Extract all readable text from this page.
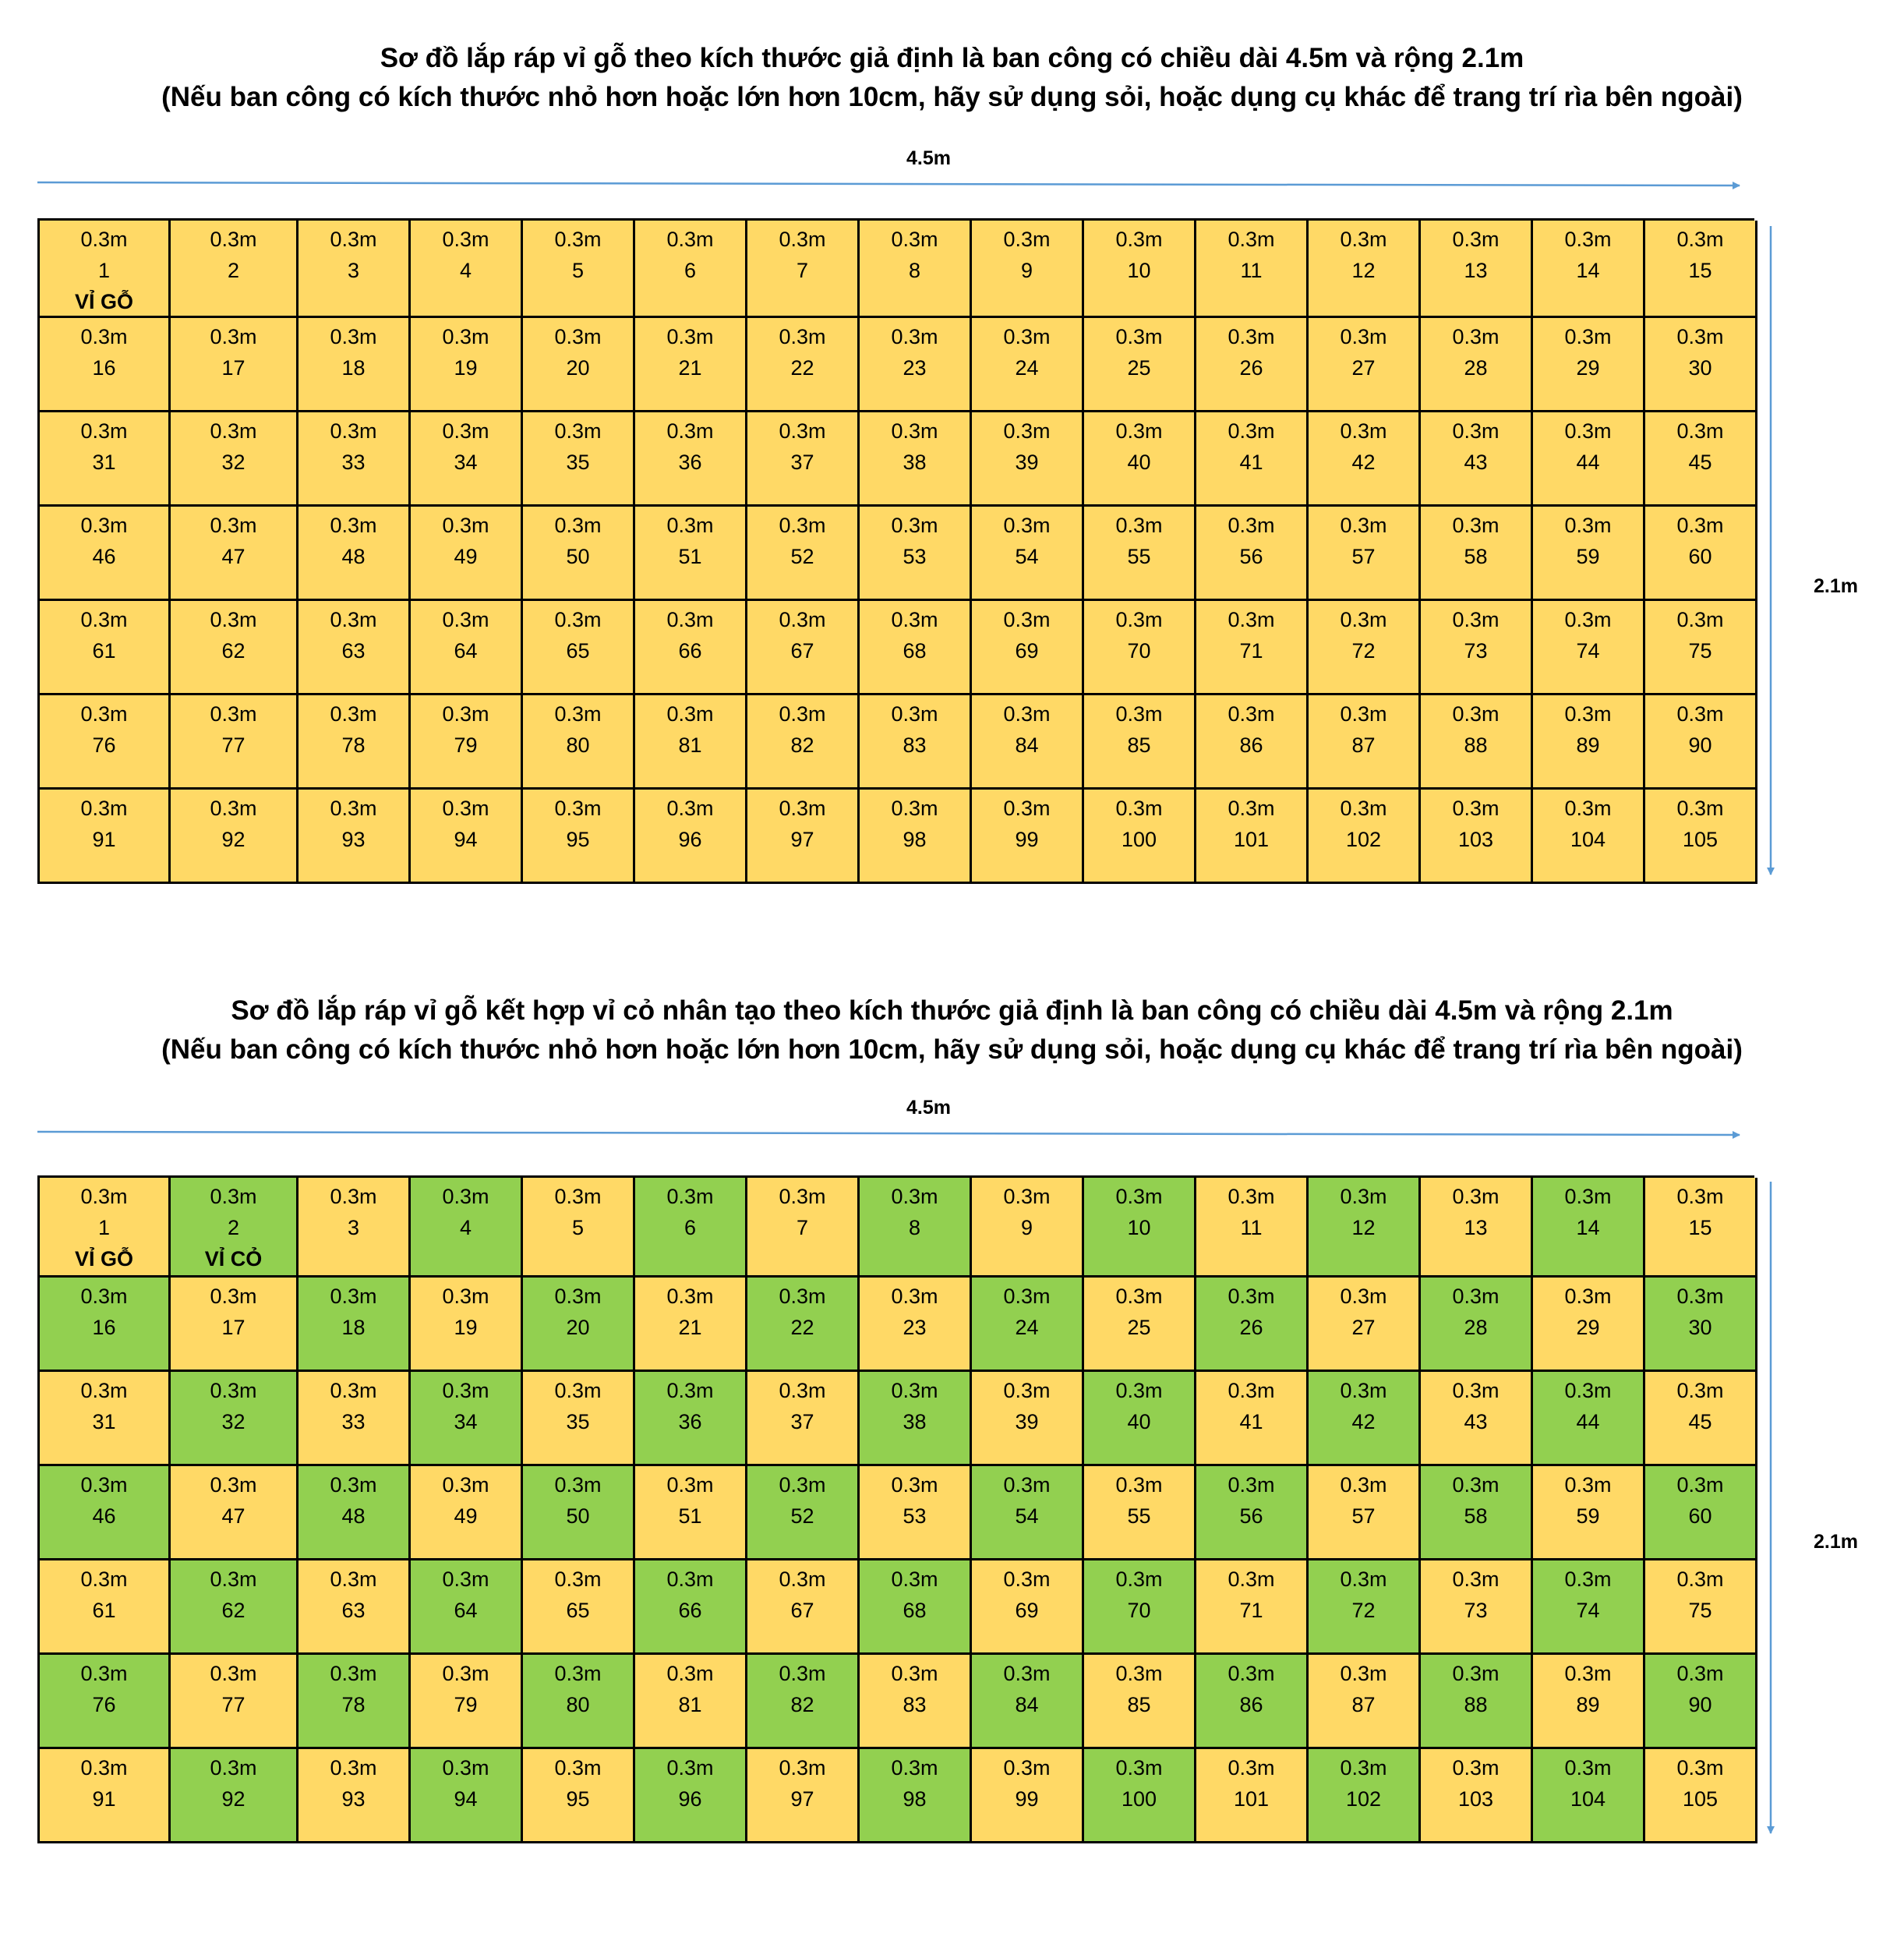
Sơ đồ lắp ráp vỉ gỗ theo kích thước giả định là ban công có chiều dài 4.5m và rộng 2.1m
(Nếu ban công có kích thước nhỏ hơn hoặc lớn hơn 10cm, hãy sử dụng sỏi, hoặc dụng cụ khác để trang trí rìa bên ngoài)
4.5m
2.1m
0.3m
1
VỈ GỖ
0.3m
2
0.3m
3
0.3m
4
0.3m
5
0.3m
6
0.3m
7
0.3m
8
0.3m
9
0.3m
10
0.3m
11
0.3m
12
0.3m
13
0.3m
14
0.3m
15
0.3m
16
0.3m
17
0.3m
18
0.3m
19
0.3m
20
0.3m
21
0.3m
22
0.3m
23
0.3m
24
0.3m
25
0.3m
26
0.3m
27
0.3m
28
0.3m
29
0.3m
30
0.3m
31
0.3m
32
0.3m
33
0.3m
34
0.3m
35
0.3m
36
0.3m
37
0.3m
38
0.3m
39
0.3m
40
0.3m
41
0.3m
42
0.3m
43
0.3m
44
0.3m
45
0.3m
46
0.3m
47
0.3m
48
0.3m
49
0.3m
50
0.3m
51
0.3m
52
0.3m
53
0.3m
54
0.3m
55
0.3m
56
0.3m
57
0.3m
58
0.3m
59
0.3m
60
0.3m
61
0.3m
62
0.3m
63
0.3m
64
0.3m
65
0.3m
66
0.3m
67
0.3m
68
0.3m
69
0.3m
70
0.3m
71
0.3m
72
0.3m
73
0.3m
74
0.3m
75
0.3m
76
0.3m
77
0.3m
78
0.3m
79
0.3m
80
0.3m
81
0.3m
82
0.3m
83
0.3m
84
0.3m
85
0.3m
86
0.3m
87
0.3m
88
0.3m
89
0.3m
90
0.3m
91
0.3m
92
0.3m
93
0.3m
94
0.3m
95
0.3m
96
0.3m
97
0.3m
98
0.3m
99
0.3m
100
0.3m
101
0.3m
102
0.3m
103
0.3m
104
0.3m
105
Sơ đồ lắp ráp vỉ gỗ kết hợp vỉ cỏ nhân tạo theo kích thước giả định là ban công có chiều dài 4.5m và rộng 2.1m
(Nếu ban công có kích thước nhỏ hơn hoặc lớn hơn 10cm, hãy sử dụng sỏi, hoặc dụng cụ khác để trang trí rìa bên ngoài)
4.5m
2.1m
0.3m
1
VỈ GỖ
0.3m
2
VỈ CỎ
0.3m
3
0.3m
4
0.3m
5
0.3m
6
0.3m
7
0.3m
8
0.3m
9
0.3m
10
0.3m
11
0.3m
12
0.3m
13
0.3m
14
0.3m
15
0.3m
16
0.3m
17
0.3m
18
0.3m
19
0.3m
20
0.3m
21
0.3m
22
0.3m
23
0.3m
24
0.3m
25
0.3m
26
0.3m
27
0.3m
28
0.3m
29
0.3m
30
0.3m
31
0.3m
32
0.3m
33
0.3m
34
0.3m
35
0.3m
36
0.3m
37
0.3m
38
0.3m
39
0.3m
40
0.3m
41
0.3m
42
0.3m
43
0.3m
44
0.3m
45
0.3m
46
0.3m
47
0.3m
48
0.3m
49
0.3m
50
0.3m
51
0.3m
52
0.3m
53
0.3m
54
0.3m
55
0.3m
56
0.3m
57
0.3m
58
0.3m
59
0.3m
60
0.3m
61
0.3m
62
0.3m
63
0.3m
64
0.3m
65
0.3m
66
0.3m
67
0.3m
68
0.3m
69
0.3m
70
0.3m
71
0.3m
72
0.3m
73
0.3m
74
0.3m
75
0.3m
76
0.3m
77
0.3m
78
0.3m
79
0.3m
80
0.3m
81
0.3m
82
0.3m
83
0.3m
84
0.3m
85
0.3m
86
0.3m
87
0.3m
88
0.3m
89
0.3m
90
0.3m
91
0.3m
92
0.3m
93
0.3m
94
0.3m
95
0.3m
96
0.3m
97
0.3m
98
0.3m
99
0.3m
100
0.3m
101
0.3m
102
0.3m
103
0.3m
104
0.3m
105
